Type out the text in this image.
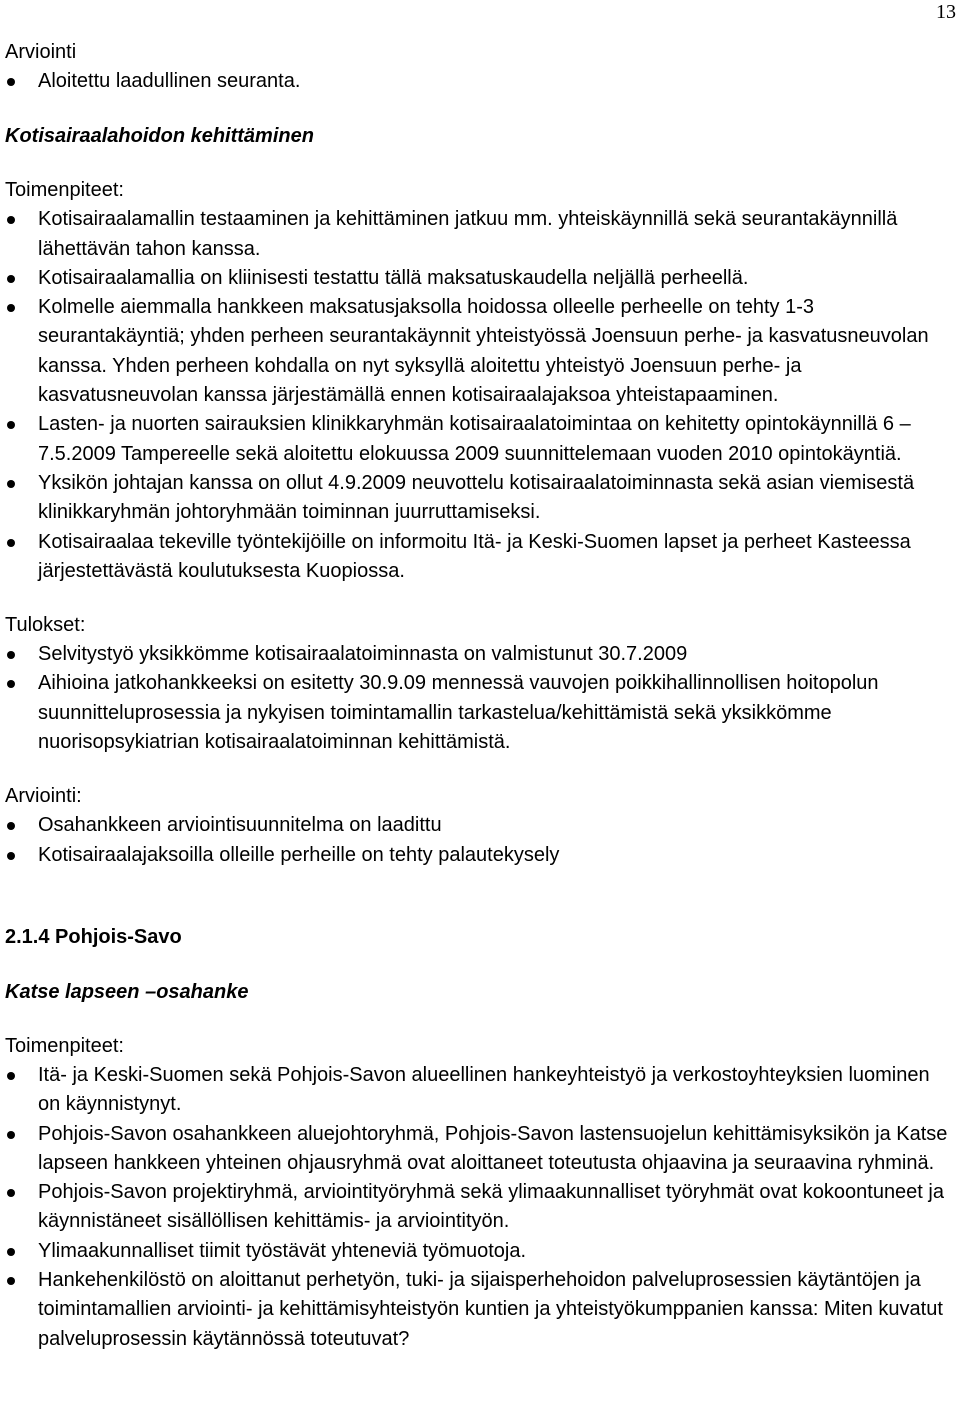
13
Arviointi
Aloitettu laadullinen seuranta.
Kotisairaalahoidon kehittäminen
Toimenpiteet:
Kotisairaalamallin testaaminen ja kehittäminen jatkuu mm. yhteiskäynnillä sekä seurantakäynnillä lähettävän tahon kanssa.
Kotisairaalamallia on kliinisesti testattu tällä maksatuskaudella neljällä perheellä.
Kolmelle aiemmalla hankkeen maksatusjaksolla hoidossa olleelle perheelle on tehty 1-3 seurantakäyntiä; yhden perheen seurantakäynnit yhteistyössä Joensuun perhe- ja kasvatusneuvolan kanssa. Yhden perheen kohdalla on nyt syksyllä aloitettu yhteistyö Joensuun perhe- ja kasvatusneuvolan kanssa järjestämällä ennen kotisairaalajaksoa yhteistapaaminen.
Lasten- ja nuorten sairauksien klinikkaryhmän kotisairaalatoimintaa on kehitetty opintokäynnillä 6 –7.5.2009 Tampereelle sekä aloitettu elokuussa 2009 suunnittelemaan vuoden 2010 opintokäyntiä.
Yksikön johtajan kanssa on ollut 4.9.2009 neuvottelu kotisairaalatoiminnasta sekä asian viemisestä klinikkaryhmän johtoryhmään toiminnan juurruttamiseksi.
Kotisairaalaa tekeville työntekijöille on informoitu Itä- ja Keski-Suomen lapset ja perheet Kasteessa järjestettävästä koulutuksesta Kuopiossa.
Tulokset:
Selvitystyö yksikkömme kotisairaalatoiminnasta on valmistunut 30.7.2009
Aihioina jatkohankkeeksi on esitetty 30.9.09 mennessä vauvojen poikkihallinnollisen hoitopolun suunnitteluprosessia ja nykyisen toimintamallin tarkastelua/kehittämistä sekä yksikkömme nuorisopsykiatrian kotisairaalatoiminnan kehittämistä.
Arviointi:
Osahankkeen arviointisuunnitelma on laadittu
Kotisairaalajaksoilla olleille perheille on tehty palautekysely
2.1.4 Pohjois-Savo
Katse lapseen –osahanke
Toimenpiteet:
Itä- ja Keski-Suomen sekä Pohjois-Savon alueellinen hankeyhteistyö ja verkostoyhteyksien luominen on käynnistynyt.
Pohjois-Savon osahankkeen aluejohtoryhmä, Pohjois-Savon lastensuojelun kehittämisyksikön ja Katse lapseen hankkeen yhteinen ohjausryhmä ovat aloittaneet toteutusta ohjaavina ja seuraavina ryhminä.
Pohjois-Savon projektiryhmä, arviointityöryhmä sekä ylimaakunnalliset työryhmät ovat kokoontuneet ja käynnistäneet sisällöllisen kehittämis- ja arviointityön.
Ylimaakunnalliset tiimit työstävät yhteneviä työmuotoja.
Hankehenkilöstö on aloittanut perhetyön, tuki- ja sijaisperhehoidon palveluprosessien käytäntöjen ja toimintamallien arviointi- ja kehittämisyhteistyön kuntien ja yhteistyökumppanien kanssa: Miten kuvatut palveluprosessin käytännössä toteutuvat?
